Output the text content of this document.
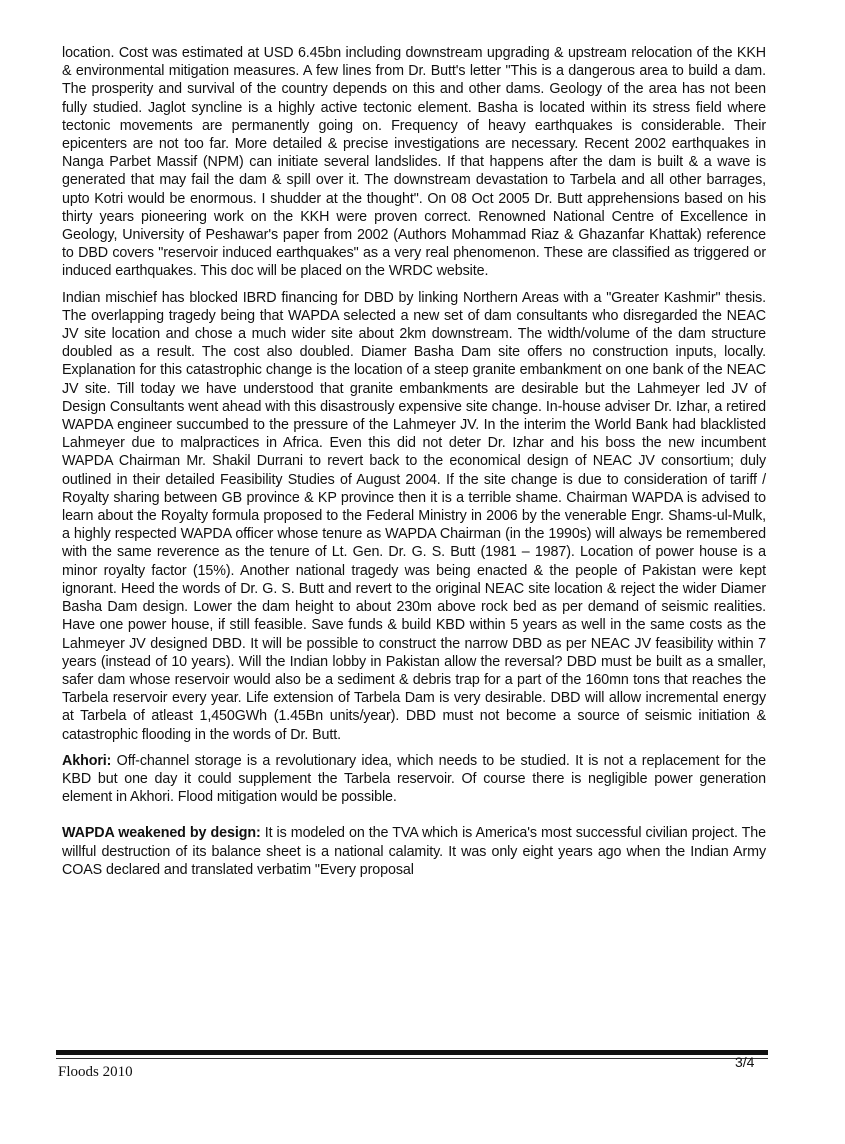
location. Cost was estimated at USD 6.45bn including downstream upgrading & upstream relocation of the KKH & environmental mitigation measures. A few lines from Dr. Butt's letter "This is a dangerous area to build a dam. The prosperity and survival of the country depends on this and other dams. Geology of the area has not been fully studied. Jaglot syncline is a highly active tectonic element. Basha is located within its stress field where tectonic movements are permanently going on. Frequency of heavy earthquakes is considerable. Their epicenters are not too far. More detailed & precise investigations are necessary. Recent 2002 earthquakes in Nanga Parbet Massif (NPM) can initiate several landslides. If that happens after the dam is built & a wave is generated that may fail the dam & spill over it. The downstream devastation to Tarbela and all other barrages, upto Kotri would be enormous. I shudder at the thought". On 08 Oct 2005 Dr. Butt apprehensions based on his thirty years pioneering work on the KKH were proven correct. Renowned National Centre of Excellence in Geology, University of Peshawar's paper from 2002 (Authors Mohammad Riaz & Ghazanfar Khattak) reference to DBD covers "reservoir induced earthquakes" as a very real phenomenon. These are classified as triggered or induced earthquakes. This doc will be placed on the WRDC website.

Indian mischief has blocked IBRD financing for DBD by linking Northern Areas with a "Greater Kashmir" thesis. The overlapping tragedy being that WAPDA selected a new set of dam consultants who disregarded the NEAC JV site location and chose a much wider site about 2km downstream. The width/volume of the dam structure doubled as a result. The cost also doubled. Diamer Basha Dam site offers no construction inputs, locally. Explanation for this catastrophic change is the location of a steep granite embankment on one bank of the NEAC JV site. Till today we have understood that granite embankments are desirable but the Lahmeyer led JV of Design Consultants went ahead with this disastrously expensive site change. In-house adviser Dr. Izhar, a retired WAPDA engineer succumbed to the pressure of the Lahmeyer JV. In the interim the World Bank had blacklisted Lahmeyer due to malpractices in Africa. Even this did not deter Dr. Izhar and his boss the new incumbent WAPDA Chairman Mr. Shakil Durrani to revert back to the economical design of NEAC JV consortium; duly outlined in their detailed Feasibility Studies of August 2004. If the site change is due to consideration of tariff / Royalty sharing between GB province & KP province then it is a terrible shame. Chairman WAPDA is advised to learn about the Royalty formula proposed to the Federal Ministry in 2006 by the venerable Engr. Shams-ul-Mulk, a highly respected WAPDA officer whose tenure as WAPDA Chairman (in the 1990s) will always be remembered with the same reverence as the tenure of Lt. Gen. Dr. G. S. Butt (1981 – 1987). Location of power house is a minor royalty factor (15%). Another national tragedy was being enacted & the people of Pakistan were kept ignorant. Heed the words of Dr. G. S. Butt and revert to the original NEAC site location & reject the wider Diamer Basha Dam design. Lower the dam height to about 230m above rock bed as per demand of seismic realities. Have one power house, if still feasible. Save funds & build KBD within 5 years as well in the same costs as the Lahmeyer JV designed DBD. It will be possible to construct the narrow DBD as per NEAC JV feasibility within 7 years (instead of 10 years). Will the Indian lobby in Pakistan allow the reversal? DBD must be built as a smaller, safer dam whose reservoir would also be a sediment & debris trap for a part of the 160mn tons that reaches the Tarbela reservoir every year. Life extension of Tarbela Dam is very desirable. DBD will allow incremental energy at Tarbela of atleast 1,450GWh (1.45Bn units/year). DBD must not become a source of seismic initiation & catastrophic flooding in the words of Dr. Butt.

Akhori: Off-channel storage is a revolutionary idea, which needs to be studied. It is not a replacement for the KBD but one day it could supplement the Tarbela reservoir. Of course there is negligible power generation element in Akhori. Flood mitigation would be possible.

WAPDA weakened by design: It is modeled on the TVA which is America's most successful civilian project. The willful destruction of its balance sheet is a national calamity. It was only eight years ago when the Indian Army COAS declared and translated verbatim "Every proposal

Floods 2010
3/4
